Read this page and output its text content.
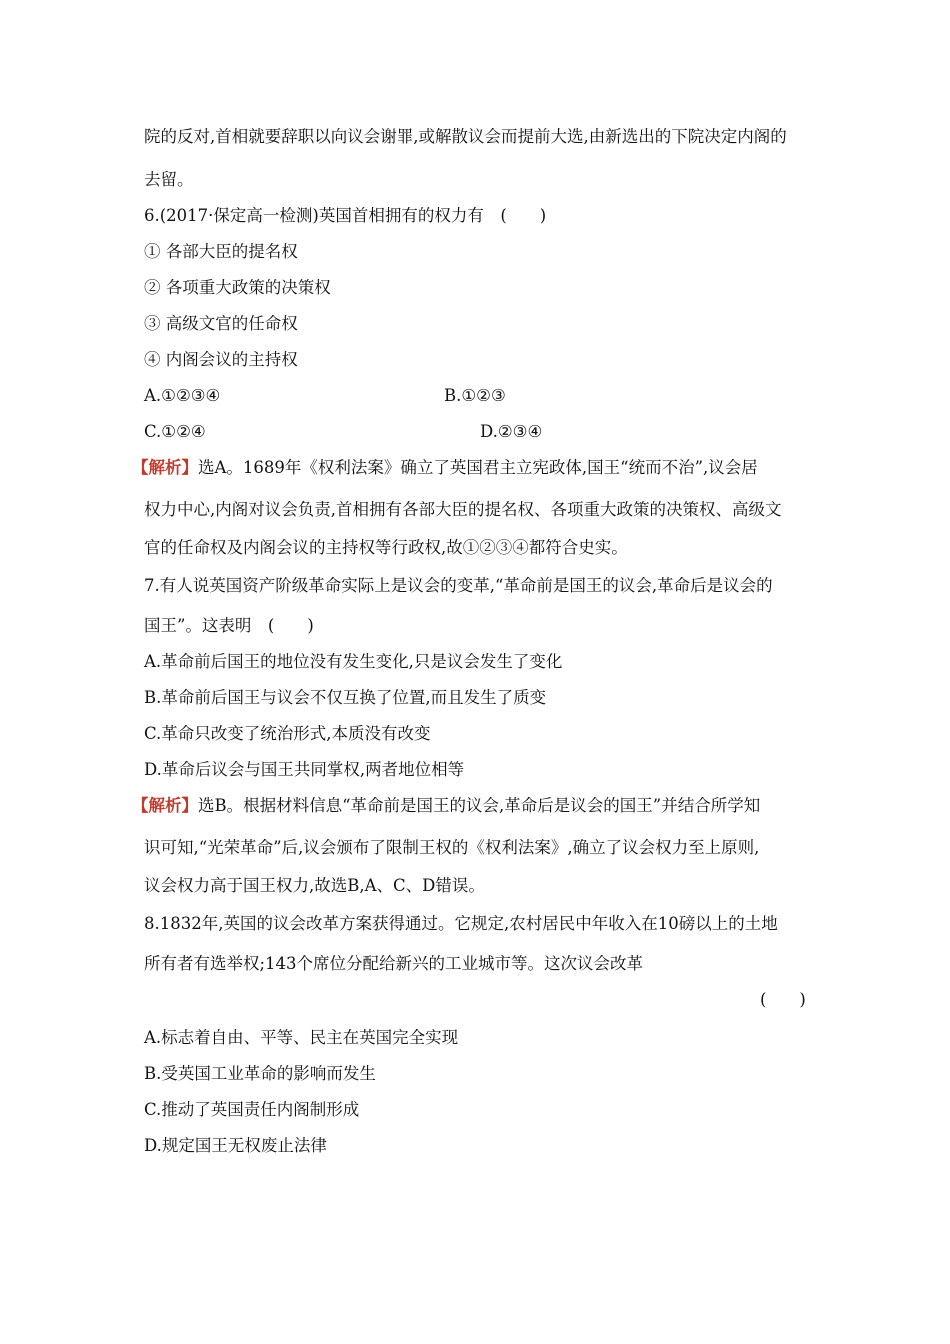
院的反对,首相就要辞职以向议会谢罪,或解散议会而提前大选,由新选出的下院决定内阁的
去留。
6.(2017·保定高一检测)英国首相拥有的权力有　(　　)
① 各部大臣的提名权
② 各项重大政策的决策权
③ 高级文官的任命权
④ 内阁会议的主持权
A.①②③④	B.①②③
C.①②④	D.②③④
【解析】选A。1689年《权利法案》确立了英国君主立宪政体,国王“统而不治”,议会居
权力中心,内阁对议会负责,首相拥有各部大臣的提名权、各项重大政策的决策权、高级文
官的任命权及内阁会议的主持权等行政权,故①②③④都符合史实。
7.有人说英国资产阶级革命实际上是议会的变革,“革命前是国王的议会,革命后是议会的
国王”。这表明　(　　)
A.革命前后国王的地位没有发生变化,只是议会发生了变化
B.革命前后国王与议会不仅互换了位置,而且发生了质变
C.革命只改变了统治形式,本质没有改变
D.革命后议会与国王共同掌权,两者地位相等
【解析】选B。根据材料信息“革命前是国王的议会,革命后是议会的国王”并结合所学知
识可知,“光荣革命”后,议会颁布了限制王权的《权利法案》,确立了议会权力至上原则,
议会权力高于国王权力,故选B,A、C、D错误。
8.1832年,英国的议会改革方案获得通过。它规定,农村居民中年收入在10磅以上的土地
所有者有选举权;143个席位分配给新兴的工业城市等。这次议会改革
(　　)
A.标志着自由、平等、民主在英国完全实现
B.受英国工业革命的影响而发生
C.推动了英国责任内阁制形成
D.规定国王无权废止法律
